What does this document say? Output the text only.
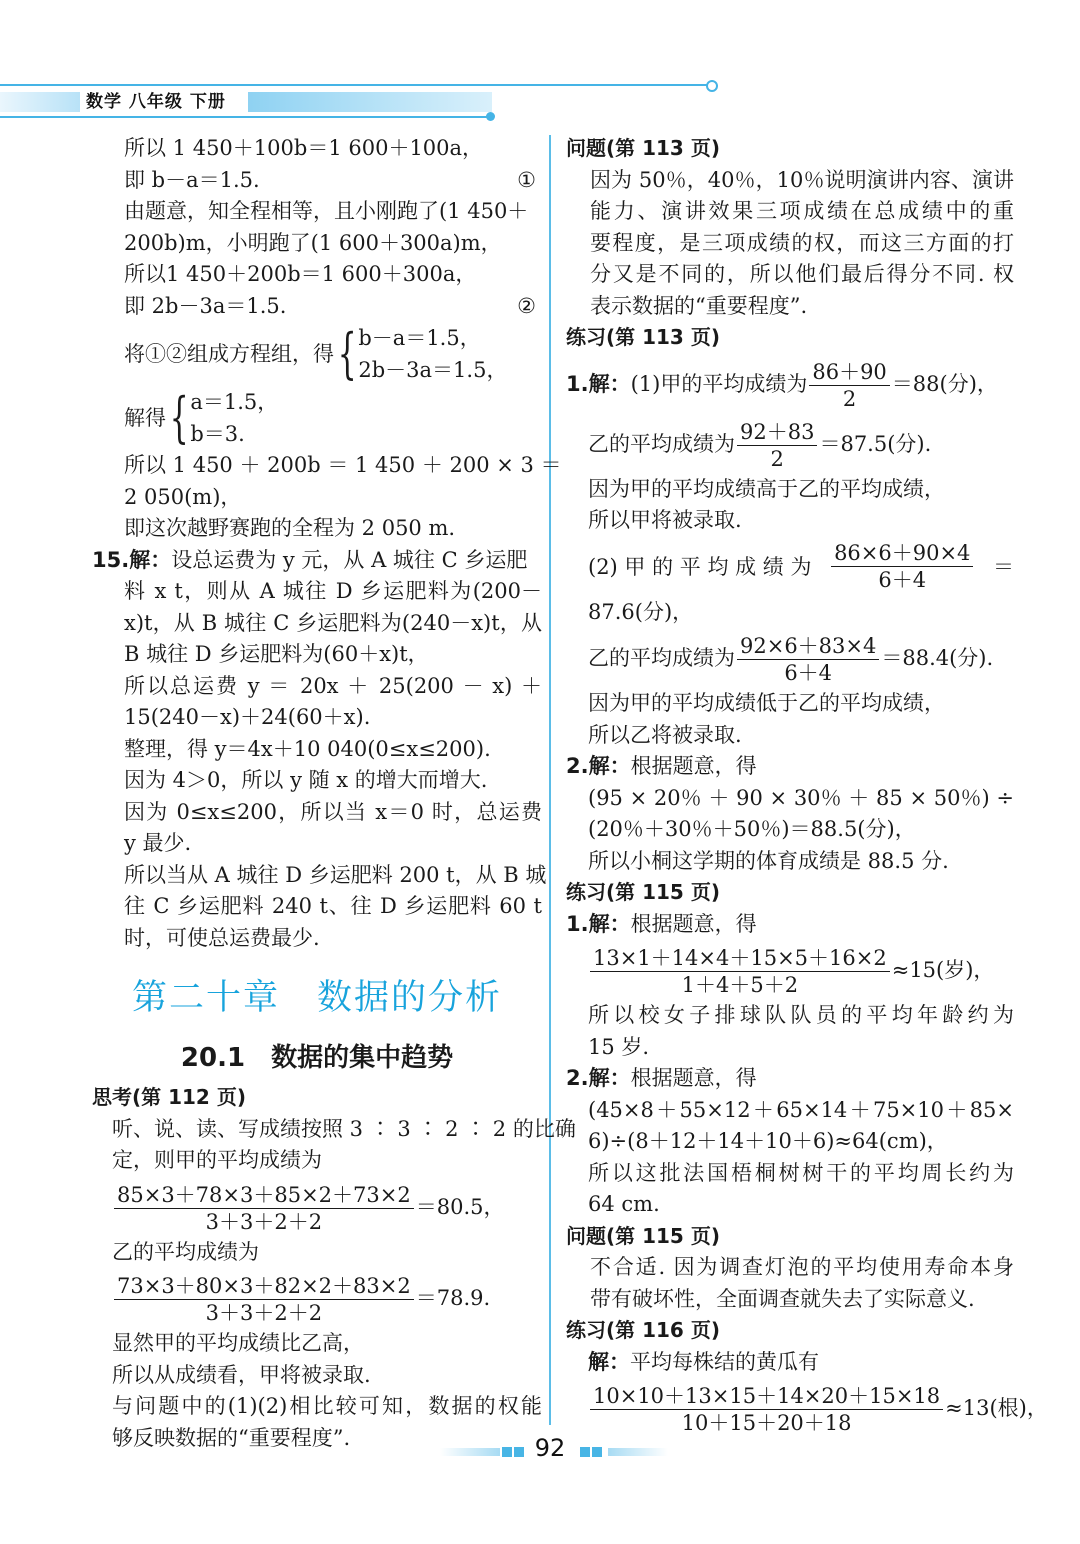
数学 八年级 下册
所以 1 450＋100b＝1 600＋100a，
即 b－a＝1.5.	①
由题意，知全程相等，且小刚跑了(1 450＋
200b)m，小明跑了(1 600＋300a)m，
所以1 450＋200b＝1 600＋300a，
即 2b－3a＝1.5.	②
将①②组成方程组，得 { b－a＝1.5，
2b－3a＝1.5，
解得 { a＝1.5，
b＝3.
所以 1 450 ＋ 200b ＝ 1 450 ＋ 200 × 3 ＝
2 050(m)，
即这次越野赛跑的全程为 2 050 m.
15.解：设总运费为 y 元，从 A 城往 C 乡运肥
料 x t，则从 A 城往 D 乡运肥料为(200－
x)t，从 B 城往 C 乡运肥料为(240－x)t，从
B 城往 D 乡运肥料为(60＋x)t，
所以总运费 y ＝ 20x ＋ 25(200 － x) ＋
15(240－x)＋24(60＋x).
整理，得 y＝4x＋10 040(0≤x≤200).
因为 4＞0，所以 y 随 x 的增大而增大.
因为 0≤x≤200，所以当 x＝0 时，总运费
y 最少.
所以当从 A 城往 D 乡运肥料 200 t，从 B 城
往 C 乡运肥料 240 t、往 D 乡运肥料 60 t
时，可使总运费最少.
第二十章　数据的分析
20.1　数据的集中趋势
思考(第 112 页)
听、说、读、写成绩按照 3 ∶ 3 ∶ 2 ∶ 2 的比确
定，则甲的平均成绩为
$\frac{85\times 3+78\times 3+85\times 2+73\times 2}{3+3+2+2} =80.5$，
乙的平均成绩为
$\frac{73\times 3+80\times 3+82\times 2+83\times 2}{3+3+2+2} =78.9$.
显然甲的平均成绩比乙高，
所以从成绩看，甲将被录取.
与问题中的(1)(2)相比较可知，数据的权能
够反映数据的“重要程度”.
问题(第 113 页)
因为 50％，40％，10％说明演讲内容、演讲
能力、演讲效果三项成绩在总成绩中的重
要程度，是三项成绩的权，而这三方面的打
分又是不同的，所以他们最后得分不同. 权
表示数据的“重要程度”.
练习(第 113 页)
1.解：(1)甲的平均成绩为 $\frac{86+90}{2} =88$(分)，
乙的平均成绩为 $\frac{92+83}{2} =87.5$(分).
因为甲的平均成绩高于乙的平均成绩，
所以甲将被录取.
(2) 甲 的 平 均 成 绩 为 $\frac{86\times 6+90\times 4}{6+4}$ ＝
87.6(分)，
乙的平均成绩为 $\frac{92\times 6+83\times 4}{6+4} =88.4$(分).
因为甲的平均成绩低于乙的平均成绩，
所以乙将被录取.
2.解：根据题意，得
(95 × 20％ ＋ 90 × 30％ ＋ 85 × 50％) ÷
(20％＋30％＋50％)＝88.5(分)，
所以小桐这学期的体育成绩是 88.5 分.
练习(第 115 页)
1.解：根据题意，得
$\frac{13\times 1+14\times 4+15\times 5+16\times 2}{1+4+5+2} \approx 15$(岁)，
所以校女子排球队队员的平均年龄约为
15 岁.
2.解：根据题意，得
(45×8＋55×12＋65×14＋75×10＋85×
6)÷(8＋12＋14＋10＋6)≈64(cm)，
所以这批法国梧桐树树干的平均周长约为
64 cm.
问题(第 115 页)
不合适. 因为调查灯泡的平均使用寿命本身
带有破坏性，全面调查就失去了实际意义.
练习(第 116 页)
解：平均每株结的黄瓜有
$\frac{10\times 10+13\times 15+14\times 20+15\times 18}{10+15+20+18} \approx 13$(根)，
92
